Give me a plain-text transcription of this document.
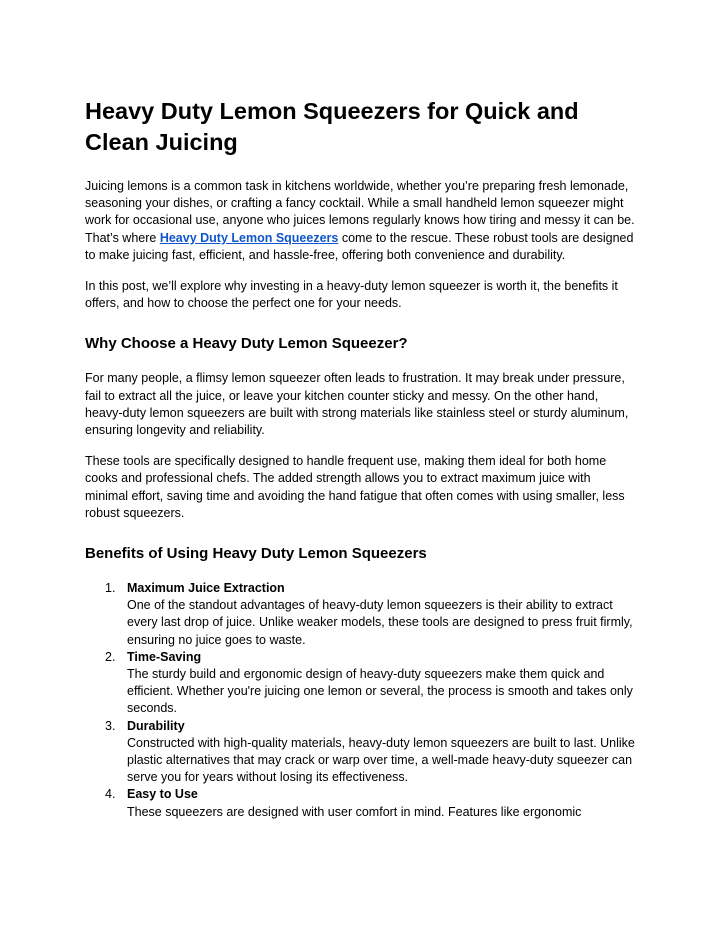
Heavy Duty Lemon Squeezers for Quick and Clean Juicing

Juicing lemons is a common task in kitchens worldwide, whether you’re preparing fresh lemonade, seasoning your dishes, or crafting a fancy cocktail. While a small handheld lemon squeezer might work for occasional use, anyone who juices lemons regularly knows how tiring and messy it can be. That’s where Heavy Duty Lemon Squeezers come to the rescue. These robust tools are designed to make juicing fast, efficient, and hassle-free, offering both convenience and durability.

In this post, we’ll explore why investing in a heavy-duty lemon squeezer is worth it, the benefits it offers, and how to choose the perfect one for your needs.

Why Choose a Heavy Duty Lemon Squeezer?

For many people, a flimsy lemon squeezer often leads to frustration. It may break under pressure, fail to extract all the juice, or leave your kitchen counter sticky and messy. On the other hand, heavy-duty lemon squeezers are built with strong materials like stainless steel or sturdy aluminum, ensuring longevity and reliability.

These tools are specifically designed to handle frequent use, making them ideal for both home cooks and professional chefs. The added strength allows you to extract maximum juice with minimal effort, saving time and avoiding the hand fatigue that often comes with using smaller, less robust squeezers.

Benefits of Using Heavy Duty Lemon Squeezers
1. Maximum Juice Extraction
One of the standout advantages of heavy-duty lemon squeezers is their ability to extract every last drop of juice. Unlike weaker models, these tools are designed to press fruit firmly, ensuring no juice goes to waste.
2. Time-Saving
The sturdy build and ergonomic design of heavy-duty squeezers make them quick and efficient. Whether you're juicing one lemon or several, the process is smooth and takes only seconds.
3. Durability
Constructed with high-quality materials, heavy-duty lemon squeezers are built to last. Unlike plastic alternatives that may crack or warp over time, a well-made heavy-duty squeezer can serve you for years without losing its effectiveness.
4. Easy to Use
These squeezers are designed with user comfort in mind. Features like ergonomic
